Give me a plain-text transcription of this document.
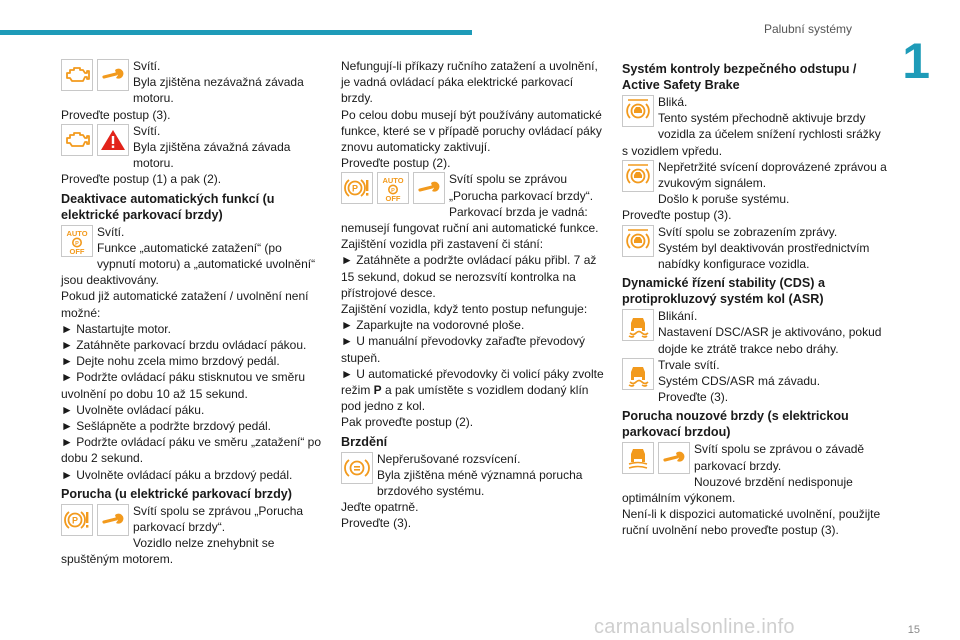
Palubní systémy
1

Svítí.

Byla zjištěna nezávažná závada motoru.

Proveďte postup (3).

Svítí.

Byla zjištěna závažná závada motoru.

Proveďte postup (1) a pak (2).

Deaktivace automatických funkcí (u elektrické parkovací brzdy)
AUTO
P
OFF

Svítí.

Funkce „automatické zatažení“ (po vypnutí motoru) a „automatické uvolnění“ jsou deaktivovány.

Pokud již automatické zatažení / uvolnění není možné:

► Nastartujte motor.

► Zatáhněte parkovací brzdu ovládací pákou.

► Dejte nohu zcela mimo brzdový pedál.

► Podržte ovládací páku stisknutou ve směru uvolnění po dobu 10 až 15 sekund.

► Uvolněte ovládací páku.

► Sešlápněte a podržte brzdový pedál.

► Podržte ovládací páku ve směru „zatažení“ po dobu 2 sekund.

► Uvolněte ovládací páku a brzdový pedál.

Porucha (u elektrické parkovací brzdy)
P

Svítí spolu se zprávou „Porucha parkovací brzdy“.

Vozidlo nelze znehybnit se spuštěným motorem.

Nefungují-li příkazy ručního zatažení a uvolnění, je vadná ovládací páka elektrické parkovací brzdy.

Po celou dobu musejí být používány automatické funkce, které se v případě poruchy ovládací páky znovu automaticky zaktivují.

Proveďte postup (2).

P
AUTO
P
OFF

Svítí spolu se zprávou „Porucha parkovací brzdy“.

Parkovací brzda je vadná: nemusejí fungovat ruční ani automatické funkce.

Zajištění vozidla při zastavení či stání:

► Zatáhněte a podržte ovládací páku přibl. 7 až 15 sekund, dokud se nerozsvítí kontrolka na přístrojové desce.

Zajištění vozidla, když tento postup nefunguje:

► Zaparkujte na vodorovné ploše.

► U manuální převodovky zařaďte převodový stupeň.

► U automatické převodovky či volicí páky zvolte režim P a pak umístěte s vozidlem dodaný klín pod jedno z kol.

Pak proveďte postup (2).

Brzdění

Nepřerušované rozsvícení.

Byla zjištěna méně významná porucha brzdového systému.

Jeďte opatrně.

Proveďte (3).

Systém kontroly bezpečného odstupu / Active Safety Brake

Bliká.

Tento systém přechodně aktivuje brzdy vozidla za účelem snížení rychlosti srážky s vozidlem vpředu.

Nepřetržité svícení doprovázené zprávou a zvukovým signálem.

Došlo k poruše systému.

Proveďte postup (3).

Svítí spolu se zobrazením zprávy.

Systém byl deaktivován prostřednictvím nabídky konfigurace vozidla.

Dynamické řízení stability (CDS) a protiprokluzový systém kol (ASR)

Blikání.

Nastavení DSC/ASR je aktivováno, pokud dojde ke ztrátě trakce nebo dráhy.

Trvale svítí.

Systém CDS/ASR má závadu.

Proveďte (3).

Porucha nouzové brzdy (s elektrickou parkovací brzdou)

Svítí spolu se zprávou o závadě parkovací brzdy.

Nouzové brzdění nedisponuje optimálním výkonem.

Není-li k dispozici automatické uvolnění, použijte ruční uvolnění nebo proveďte postup (3).

carmanualsonline.info	15
